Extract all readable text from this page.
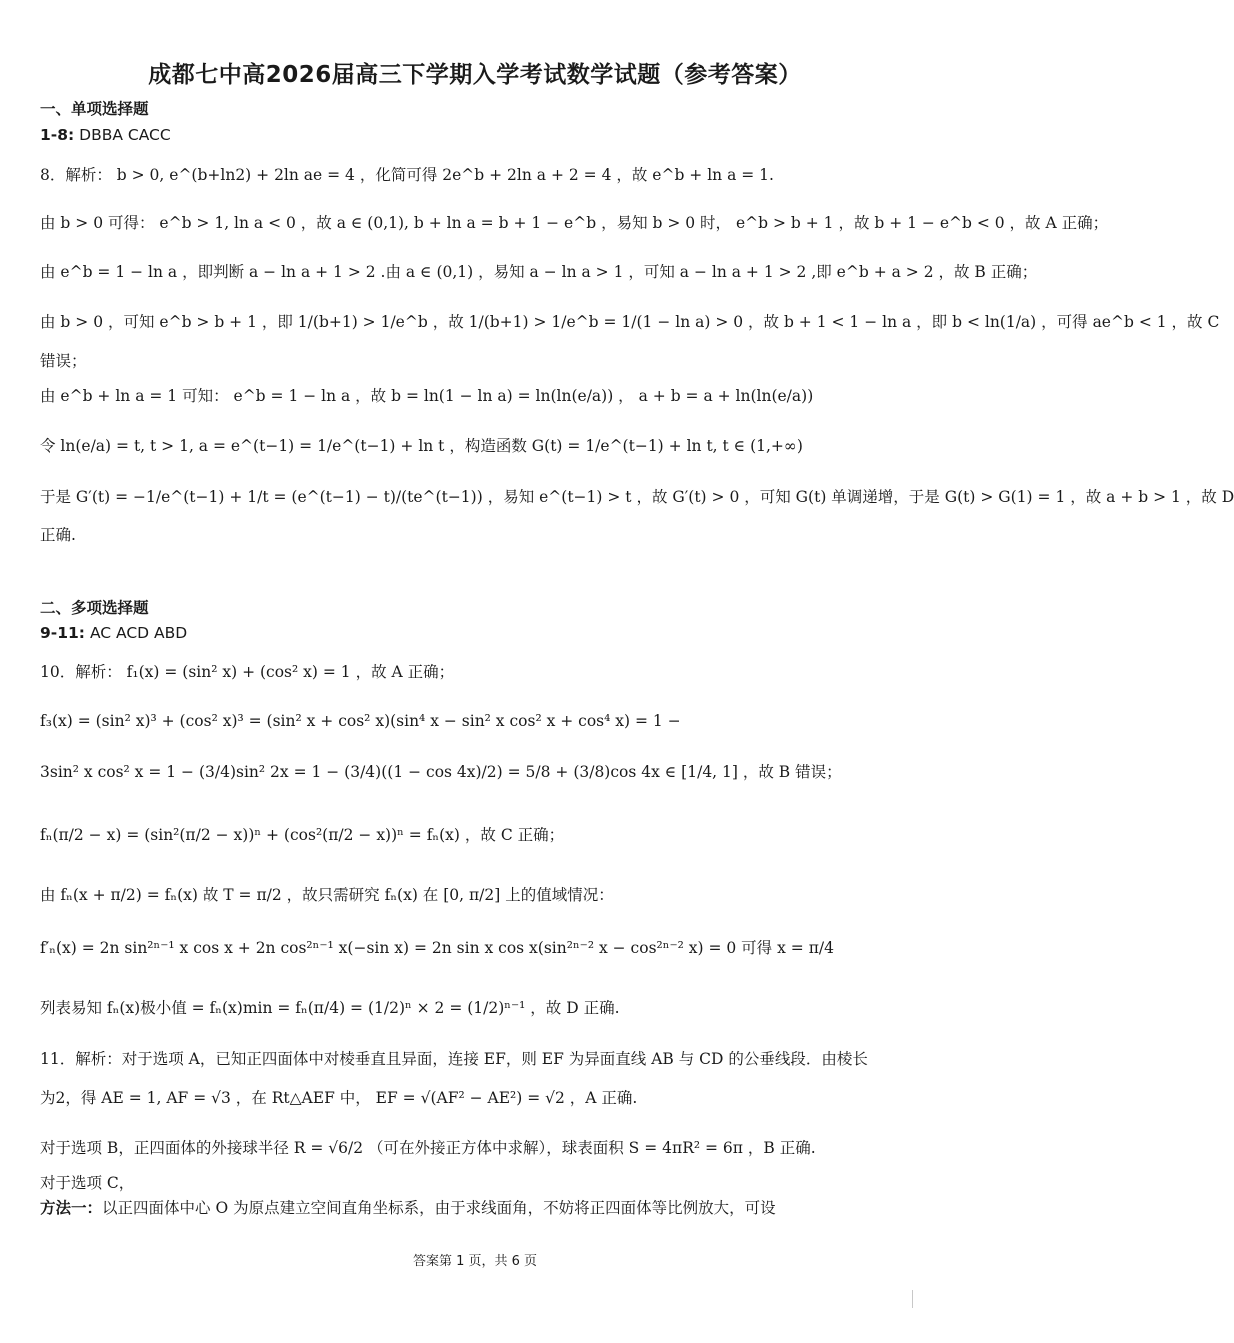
成都七中高2026届高三下学期入学考试数学试题（参考答案）
一、单项选择题
1-8: DBBA CACC
8．解析： b > 0, e^(b+ln2) + 2ln ae = 4 ，化简可得 2e^b + 2ln a + 2 = 4 ，故 e^b + ln a = 1.
由 b > 0 可得： e^b > 1, ln a < 0 ，故 a ∈ (0,1), b + ln a = b + 1 − e^b ，易知 b > 0 时， e^b > b + 1 ，故 b + 1 − e^b < 0 ，故 A 正确；
由 e^b = 1 − ln a ，即判断 a − ln a + 1 > 2 .由 a ∈ (0,1) ，易知 a − ln a > 1 ，可知 a − ln a + 1 > 2 ,即 e^b + a > 2 ，故 B 正确；
由 b > 0 ，可知 e^b > b + 1 ，即 1/(b+1) > 1/e^b ，故 1/(b+1) > 1/e^b = 1/(1 − ln a) > 0 ，故 b + 1 < 1 − ln a ，即 b < ln(1/a) ，可得 ae^b < 1 ，故 C
错误；
由 e^b + ln a = 1 可知： e^b = 1 − ln a ，故 b = ln(1 − ln a) = ln(ln(e/a)) ， a + b = a + ln(ln(e/a))
令 ln(e/a) = t, t > 1, a = e^(t−1) = 1/e^(t−1) + ln t ，构造函数 G(t) = 1/e^(t−1) + ln t, t ∈ (1,+∞)
于是 G′(t) = −1/e^(t−1) + 1/t = (e^(t−1) − t)/(te^(t−1)) ，易知 e^(t−1) > t ，故 G′(t) > 0 ，可知 G(t) 单调递增，于是 G(t) > G(1) = 1 ，故 a + b > 1 ，故 D
正确.
二、多项选择题
9-11: AC ACD ABD
10．解析： f₁(x) = (sin² x) + (cos² x) = 1 ，故 A 正确；
f₃(x) = (sin² x)³ + (cos² x)³ = (sin² x + cos² x)(sin⁴ x − sin² x cos² x + cos⁴ x) = 1 −
3sin² x cos² x = 1 − (3/4)sin² 2x = 1 − (3/4)((1 − cos 4x)/2) = 5/8 + (3/8)cos 4x ∈ [1/4, 1] ，故 B 错误；
fₙ(π/2 − x) = (sin²(π/2 − x))ⁿ + (cos²(π/2 − x))ⁿ = fₙ(x) ，故 C 正确；
由 fₙ(x + π/2) = fₙ(x) 故 T = π/2 ，故只需研究 fₙ(x) 在 [0, π/2] 上的值域情况：
f′ₙ(x) = 2n sin²ⁿ⁻¹ x cos x + 2n cos²ⁿ⁻¹ x(−sin x) = 2n sin x cos x(sin²ⁿ⁻² x − cos²ⁿ⁻² x) = 0 可得 x = π/4
列表易知 fₙ(x)极小值 = fₙ(x)min = fₙ(π/4) = (1/2)ⁿ × 2 = (1/2)ⁿ⁻¹ ，故 D 正确.
11．解析：对于选项 A，已知正四面体中对棱垂直且异面，连接 EF，则 EF 为异面直线 AB 与 CD 的公垂线段．由棱长
为2，得 AE = 1, AF = √3 ，在 Rt△AEF 中， EF = √(AF² − AE²) = √2 ，A 正确.
对于选项 B，正四面体的外接球半径 R = √6/2 （可在外接正方体中求解），球表面积 S = 4πR² = 6π ，B 正确.
对于选项 C，
方法一：以正四面体中心 O 为原点建立空间直角坐标系，由于求线面角，不妨将正四面体等比例放大，可设
答案第 1 页，共 6 页
